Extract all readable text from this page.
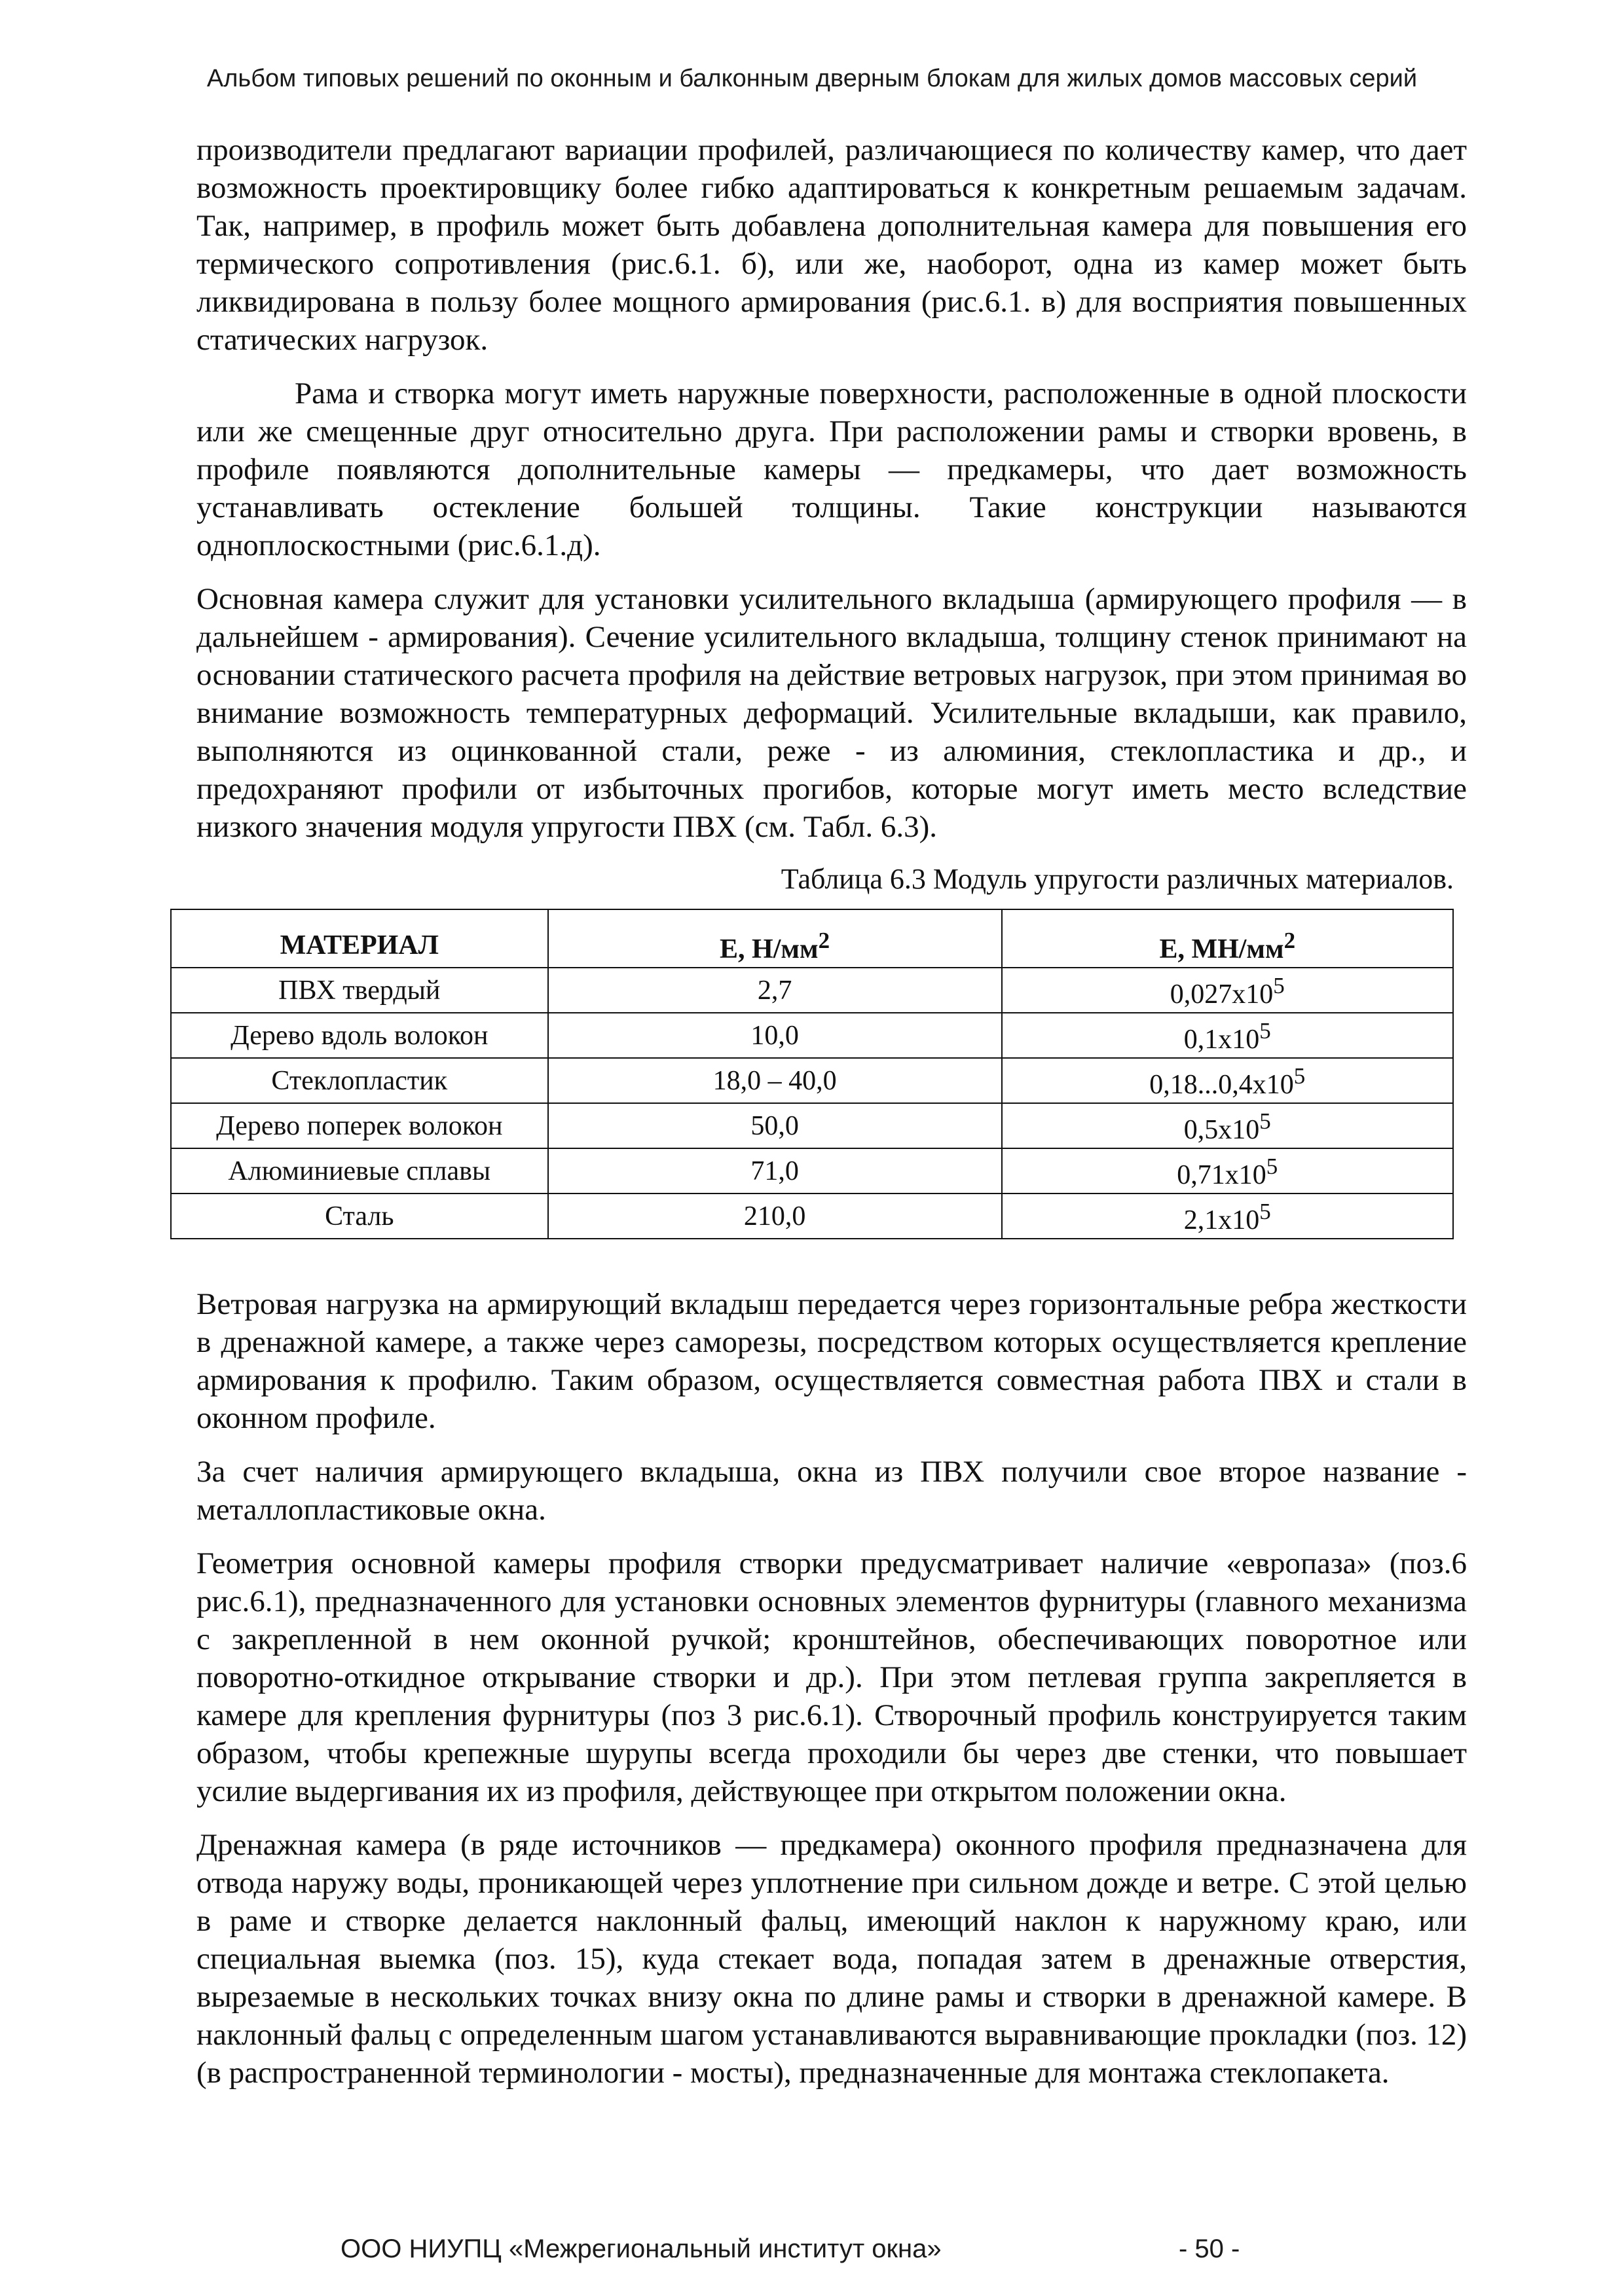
Альбом типовых решений по оконным и балконным дверным блокам для жилых домов массовых серий

производители предлагают вариации профилей, различающиеся по количеству камер, что дает возможность проектировщику более гибко адаптироваться к конкретным решаемым задачам. Так, например, в профиль может быть добавлена дополнительная камера для повышения его термического сопротивления (рис.6.1. б), или же, наоборот, одна из камер может быть ликвидирована в пользу более мощного армирования (рис.6.1. в) для восприятия повышенных статических нагрузок.

Рама и створка могут иметь наружные поверхности, расположенные в одной плоскости или же смещенные друг относительно друга. При расположении рамы и створки вровень, в профиле появляются дополнительные камеры — предкамеры, что дает возможность устанавливать остекление большей толщины. Такие конструкции называются одноплоскостными (рис.6.1.д).

Основная камера служит для установки усилительного вкладыша (армирующего профиля — в дальнейшем - армирования). Сечение усилительного вкладыша, толщину стенок принимают на основании статического расчета профиля на действие ветровых нагрузок, при этом принимая во внимание возможность температурных деформаций. Усилительные вкладыши, как правило, выполняются из оцинкованной стали, реже - из алюминия, стеклопластика и др., и предохраняют профили от избыточных прогибов, которые могут иметь место вследствие низкого значения модуля упругости ПВХ (см. Табл. 6.3).

Таблица 6.3 Модуль упругости различных материалов.
МАТЕРИАЛ	Е, $Н/мм^2$	Е, $МН/мм^2$
ПВХ твердый	2,7	$0,027х10^5$
Дерево вдоль волокон	10,0	$0,1х10^5$
Стеклопластик	18,0 – 40,0	$0,18...0,4х10^5$
Дерево поперек волокон	50,0	$0,5х10^5$
Алюминиевые сплавы	71,0	$0,71х10^5$
Сталь	210,0	$2,1х10^5$

Ветровая нагрузка на армирующий вкладыш передается через горизонтальные ребра жесткости в дренажной камере, а также через саморезы, посредством которых осуществляется крепление армирования к профилю. Таким образом, осуществляется совместная работа ПВХ и стали в оконном профиле.

За счет наличия армирующего вкладыша, окна из ПВХ получили свое второе название - металлопластиковые окна.

Геометрия основной камеры профиля створки предусматривает наличие «европаза» (поз.6 рис.6.1), предназначенного для установки основных элементов фурнитуры (главного механизма с закрепленной в нем оконной ручкой; кронштейнов, обеспечивающих поворотное или поворотно-откидное открывание створки и др.). При этом петлевая группа закрепляется в камере для крепления фурнитуры (поз 3 рис.6.1). Створочный профиль конструируется таким образом, чтобы крепежные шурупы всегда проходили бы через две стенки, что повышает усилие выдергивания их из профиля, действующее при открытом положении окна.

Дренажная камера (в ряде источников — предкамера) оконного профиля предназначена для отвода наружу воды, проникающей через уплотнение при сильном дожде и ветре. С этой целью в раме и створке делается наклонный фальц, имеющий наклон к наружному краю, или специальная выемка (поз. 15), куда стекает вода, попадая затем в дренажные отверстия, вырезаемые в нескольких точках внизу окна по длине рамы и створки в дренажной камере. В наклонный фальц с определенным шагом устанавливаются выравнивающие прокладки (поз. 12) (в распространенной терминологии - мосты), предназначенные для монтажа стеклопакета.

ООО НИУПЦ «Межрегиональный институт окна»	- 50 -
